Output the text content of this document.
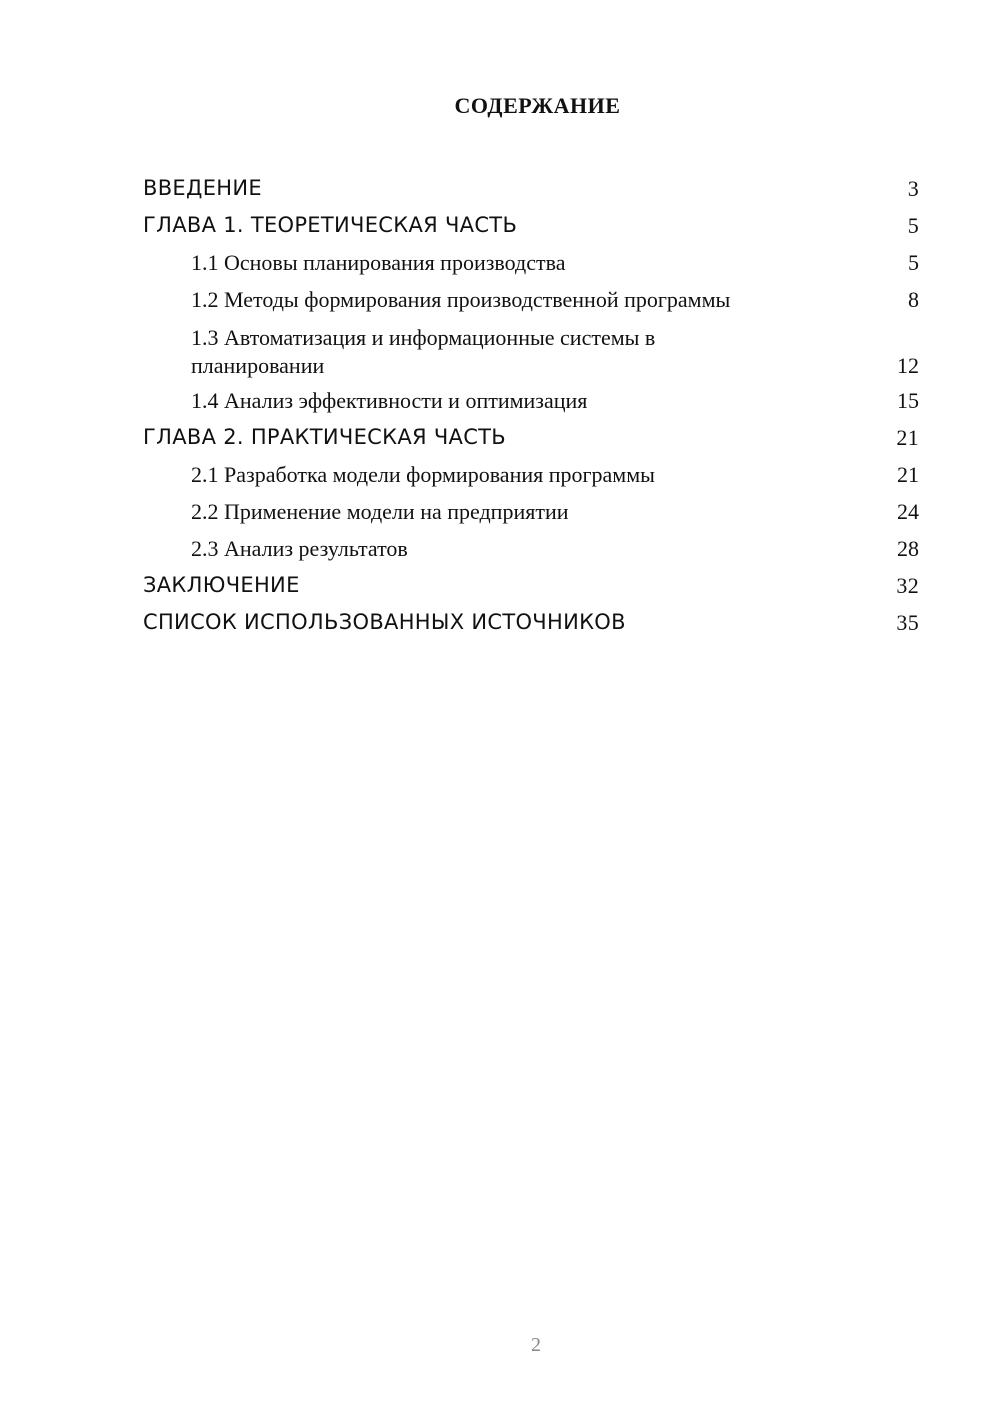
СОДЕРЖАНИЕ
ВВЕДЕНИЕ	3
ГЛАВА 1. ТЕОРЕТИЧЕСКАЯ ЧАСТЬ	5
1.1 Основы планирования производства	5
1.2 Методы формирования производственной программы	8
1.3 Автоматизация и информационные системы в планировании	12
1.4 Анализ эффективности и оптимизация	15
ГЛАВА 2. ПРАКТИЧЕСКАЯ ЧАСТЬ	21
2.1 Разработка модели формирования программы	21
2.2 Применение модели на предприятии	24
2.3 Анализ результатов	28
ЗАКЛЮЧЕНИЕ	32
СПИСОК ИСПОЛЬЗОВАННЫХ ИСТОЧНИКОВ	35
2
